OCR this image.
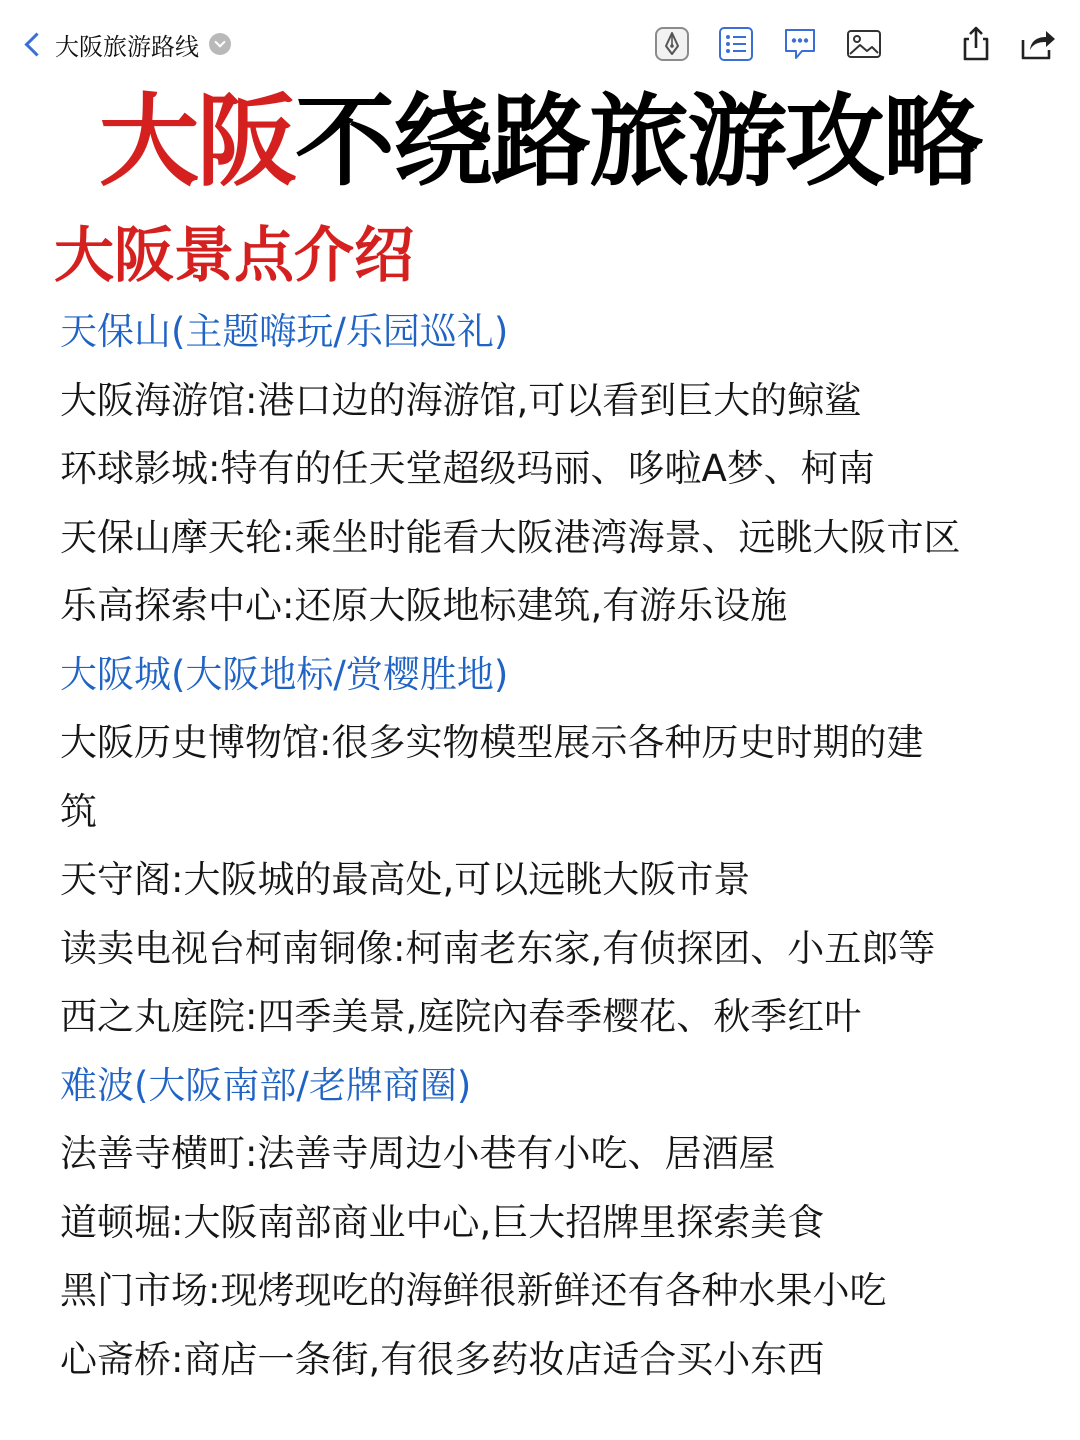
大阪旅游路线
大阪不绕路旅游攻略
大阪景点介绍
天保山(主题嗨玩/乐园巡礼)
大阪海游馆:港口边的海游馆,可以看到巨大的鲸鲨
环球影城:特有的任天堂超级玛丽、哆啦A梦、柯南
天保山摩天轮:乘坐时能看大阪港湾海景、远眺大阪市区
乐高探索中心:还原大阪地标建筑,有游乐设施
大阪城(大阪地标/赏樱胜地)
大阪历史博物馆:很多实物模型展示各种历史时期的建
筑
天守阁:大阪城的最高处,可以远眺大阪市景
读卖电视台柯南铜像:柯南老东家,有侦探团、小五郎等
西之丸庭院:四季美景,庭院內春季樱花、秋季红叶
难波(大阪南部/老牌商圈)
法善寺横町:法善寺周边小巷有小吃、居酒屋
道顿堀:大阪南部商业中心,巨大招牌里探索美食
黑门市场:现烤现吃的海鲜很新鲜还有各种水果小吃
心斋桥:商店一条街,有很多药妆店适合买小东西
